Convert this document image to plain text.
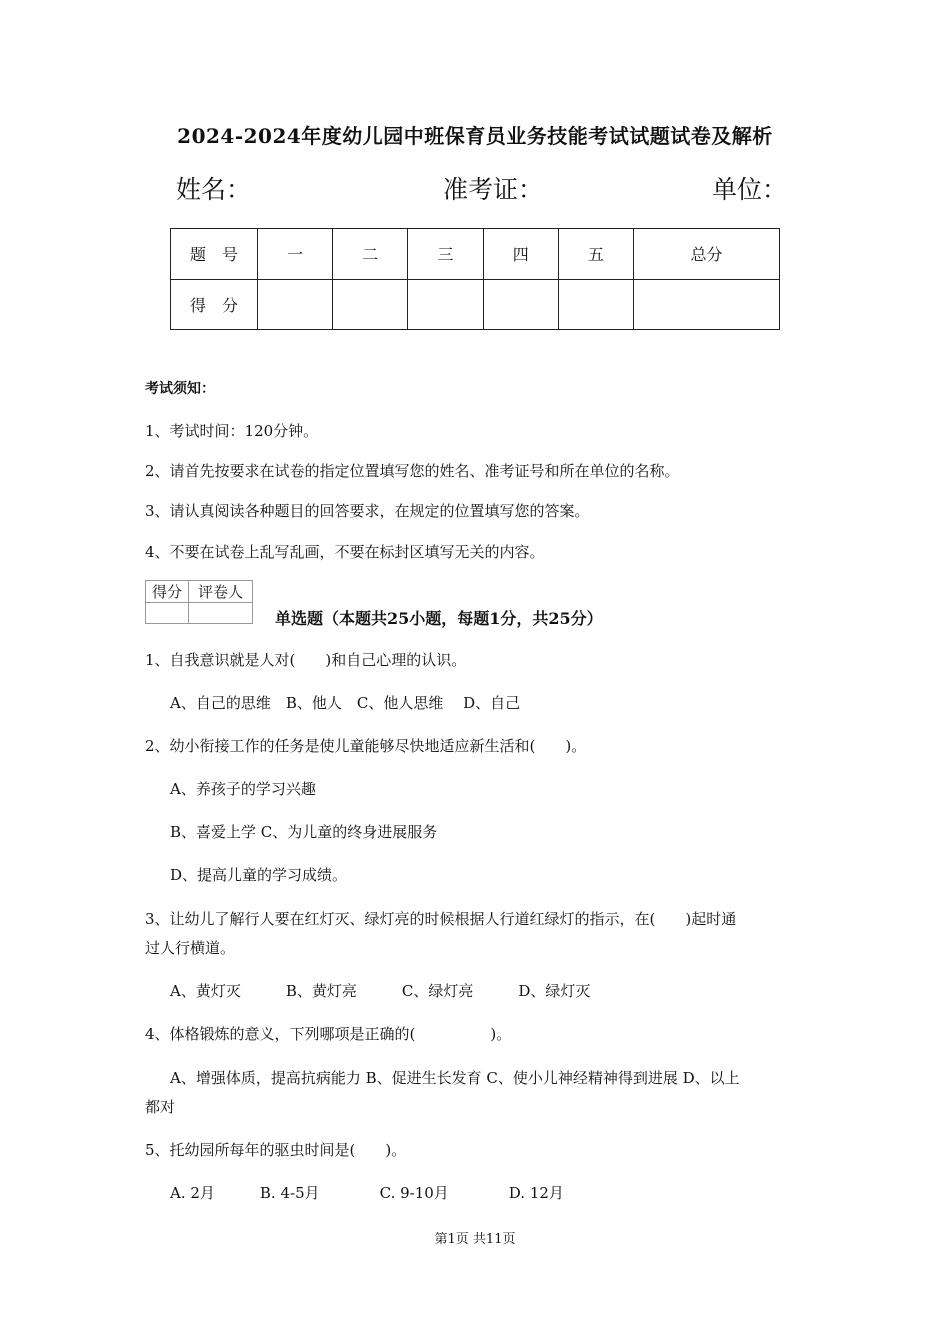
2024-2024年度幼儿园中班保育员业务技能考试试题试卷及解析
姓名：	准考证：	单位：
题　号	一	二	三	四	五	总分
得　分						
考试须知：
1、考试时间：120分钟。
2、请首先按要求在试卷的指定位置填写您的姓名、准考证号和所在单位的名称。
3、请认真阅读各种题目的回答要求，在规定的位置填写您的答案。
4、不要在试卷上乱写乱画，不要在标封区填写无关的内容。
得分	评卷人

单选题（本题共25小题，每题1分，共25分）
1、自我意识就是人对(　　)和自己心理的认识。
A、自己的思维　B、他人　C、他人思维　 D、自己
2、幼小衔接工作的任务是使儿童能够尽快地适应新生活和(　　)。
A、养孩子的学习兴趣
B、喜爱上学 C、为儿童的终身进展服务
D、提高儿童的学习成绩。
3、让幼儿了解行人要在红灯灭、绿灯亮的时候根据人行道红绿灯的指示，在(　　)起时通
过人行横道。
A、黄灯灭　　　B、黄灯亮　　　C、绿灯亮　　　D、绿灯灭
4、体格锻炼的意义，下列哪项是正确的(　　　　　)。
A、增强体质，提高抗病能力 B、促进生长发育 C、使小儿神经精神得到进展 D、以上
都对
5、托幼园所每年的驱虫时间是(　　)。
A. 2月　　　B. 4-5月　　　　C. 9-10月　　　　D. 12月
第1页 共11页
